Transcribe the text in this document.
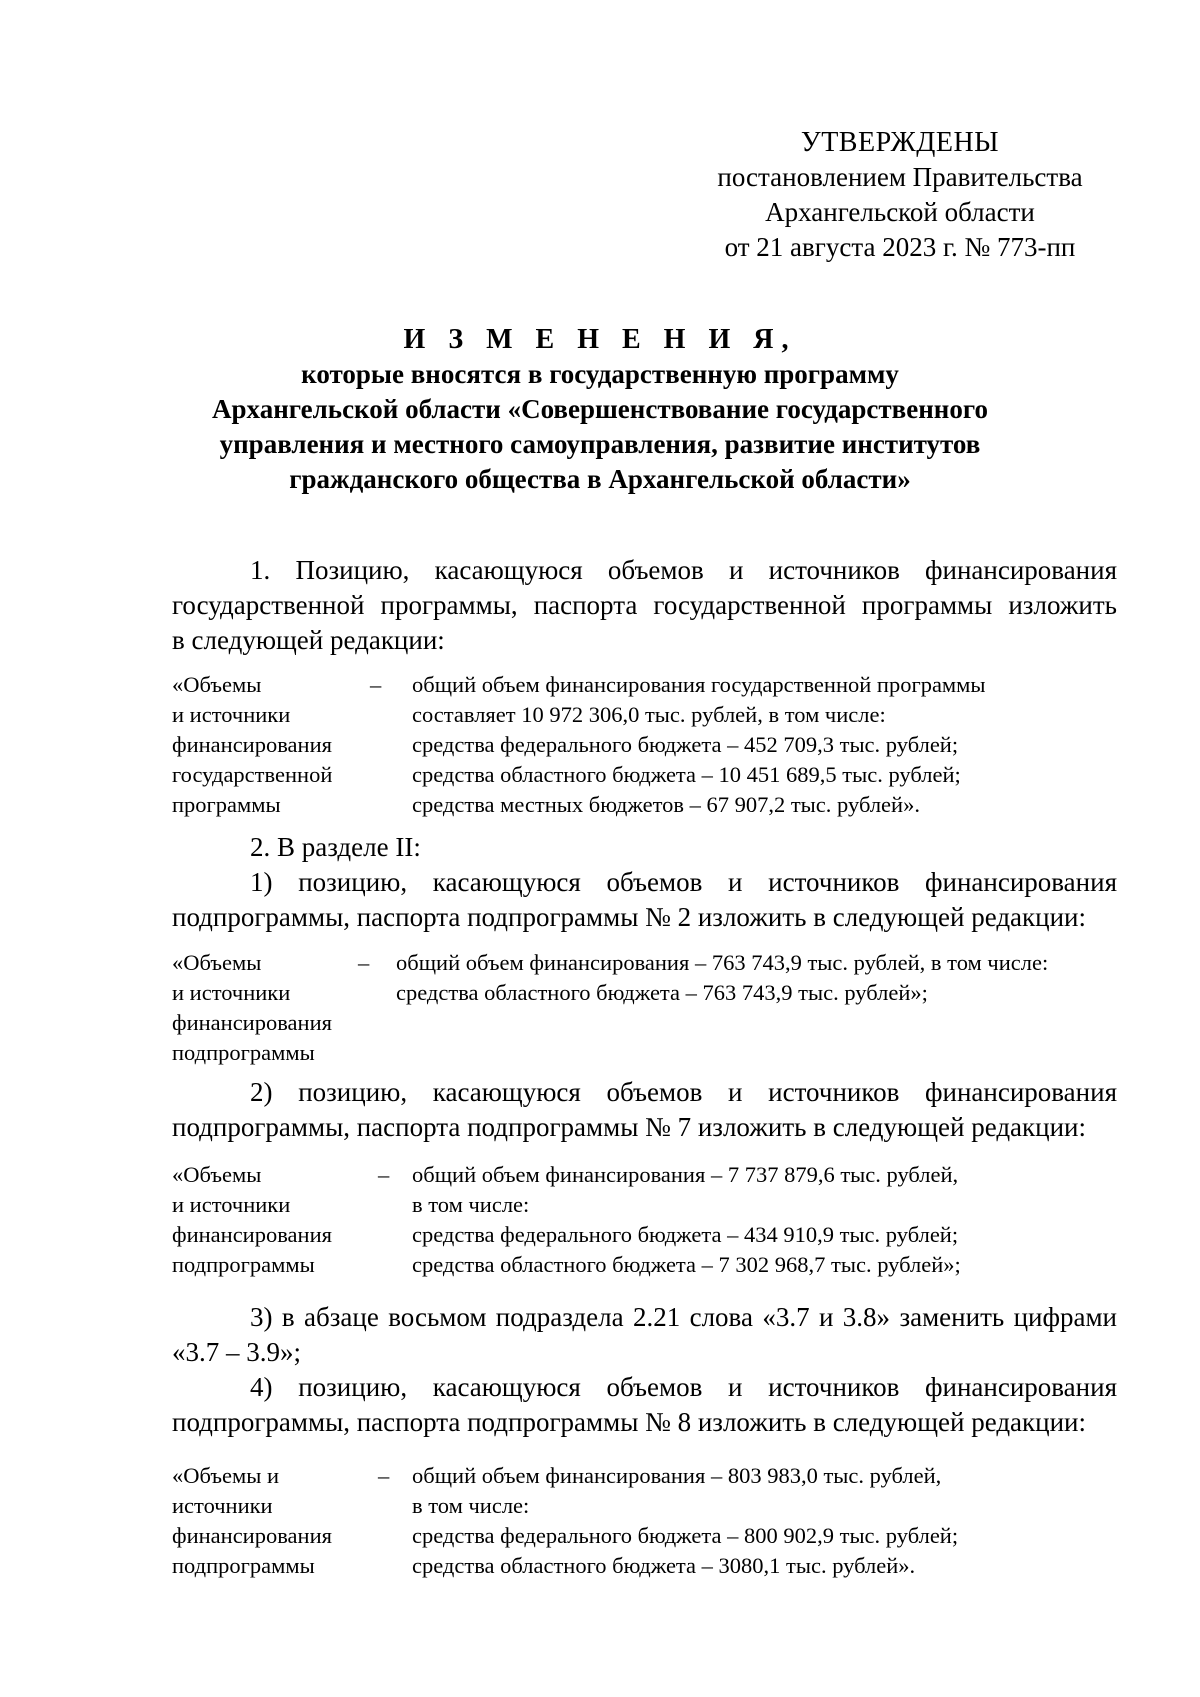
УТВЕРЖДЕНЫ
постановлением Правительства
Архангельской области
от 21 августа 2023 г. № 773-пп
И З М Е Н Е Н И Я,
которые вносятся в государственную программу
Архангельской области «Совершенствование государственного
управления и местного самоуправления, развитие институтов
гражданского общества в Архангельской области»
1. Позицию, касающуюся объемов и источников финансирования
государственной программы, паспорта государственной программы изложить
в следующей редакции:
«Объемы
и источники
финансирования
государственной
программы
– общий объем финансирования государственной программы
составляет 10 972 306,0 тыс. рублей, в том числе:
средства федерального бюджета – 452 709,3 тыс. рублей;
средства областного бюджета – 10 451 689,5 тыс. рублей;
средства местных бюджетов – 67 907,2 тыс. рублей».
2. В разделе II:
1) позицию, касающуюся объемов и источников финансирования
подпрограммы, паспорта подпрограммы № 2 изложить в следующей редакции:
«Объемы
и источники
финансирования
подпрограммы
– общий объем финансирования – 763 743,9 тыс. рублей, в том числе:
средства областного бюджета – 763 743,9 тыс. рублей»;
2) позицию, касающуюся объемов и источников финансирования
подпрограммы, паспорта подпрограммы № 7 изложить в следующей редакции:
«Объемы
и источники
финансирования
подпрограммы
– общий объем финансирования – 7 737 879,6 тыс. рублей,
в том числе:
средства федерального бюджета – 434 910,9 тыс. рублей;
средства областного бюджета – 7 302 968,7 тыс. рублей»;
3) в абзаце восьмом подраздела 2.21 слова «3.7 и 3.8» заменить цифрами
«3.7 – 3.9»;
4) позицию, касающуюся объемов и источников финансирования
подпрограммы, паспорта подпрограммы № 8 изложить в следующей редакции:
«Объемы и
источники
финансирования
подпрограммы
– общий объем финансирования – 803 983,0 тыс. рублей,
в том числе:
средства федерального бюджета – 800 902,9 тыс. рублей;
средства областного бюджета – 3080,1 тыс. рублей».
